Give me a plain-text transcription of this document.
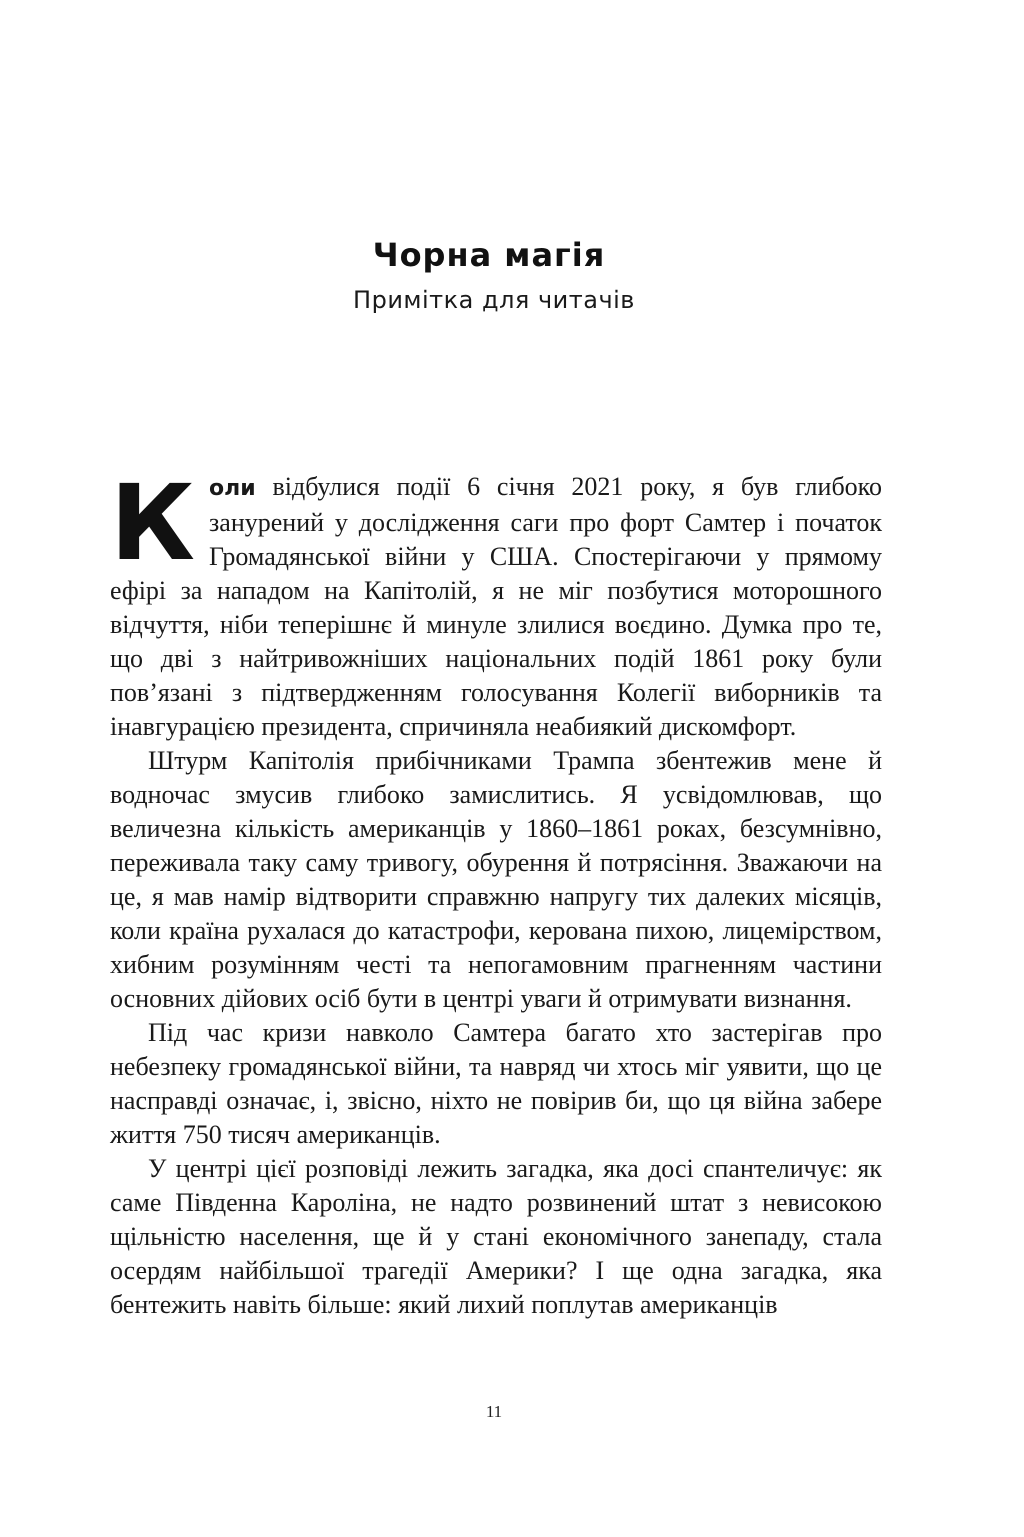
Чорна магія
Примітка для читачів

Коли відбулися події 6 січня 2021 року, я був глибоко занурений у дослідження саги про форт Самтер і початок Громадянської війни у США. Спостерігаючи у прямому ефірі за нападом на Капітолій, я не міг позбутися моторошного відчуття, ніби теперішнє й минуле злилися воєдино. Думка про те, що дві з найтривожніших національних подій 1861 року були пов’язані з підтвердженням голосування Колегії виборників та інавгурацією президента, спричиняла неабиякий дискомфорт.

Штурм Капітолія прибічниками Трампа збентежив мене й водночас змусив глибоко замислитись. Я усвідомлював, що величезна кількість американців у 1860–1861 роках, безсумнівно, переживала таку саму тривогу, обурення й потрясіння. Зважаючи на це, я мав намір відтворити справжню напругу тих далеких місяців, коли країна рухалася до катастрофи, керована пихою, лицемірством, хибним розумінням честі та непогамовним прагненням частини основних дійових осіб бути в центрі уваги й отримувати визнання.

Під час кризи навколо Самтера багато хто застерігав про небезпеку громадянської війни, та навряд чи хтось міг уявити, що це насправді означає, і, звісно, ніхто не повірив би, що ця війна забере життя 750 тисяч американців.

У центрі цієї розповіді лежить загадка, яка досі спантеличує: як саме Південна Кароліна, не надто розвинений штат з невисокою щільністю населення, ще й у стані економічного занепаду, стала осердям найбільшої трагедії Америки? І ще одна загадка, яка бентежить навіть більше: який лихий поплутав американців

11
